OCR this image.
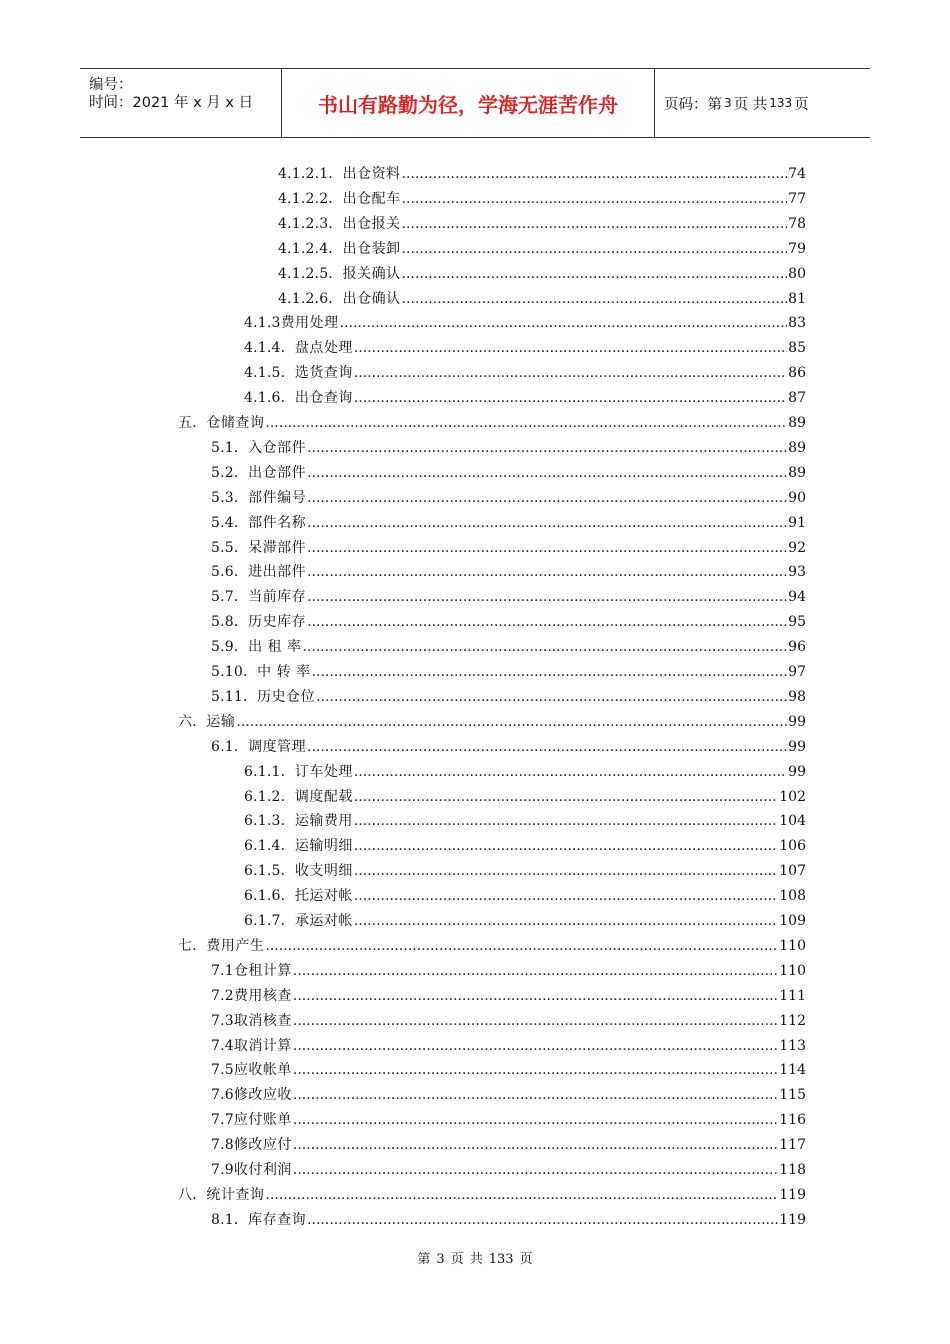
编号：
时间：2021 年 x 月 x 日	书山有路勤为径，学海无涯苦作舟	页码：第 3 页 共 133 页
4.1.2.1． 出仓资料 .....	74
4.1.2.2． 出仓配车 .....	77
4.1.2.3． 出仓报关 .....	78
4.1.2.4． 出仓装卸 .....	79
4.1.2.5． 报关确认 .....	80
4.1.2.6． 出仓确认 .....	81
4.1.3 费用处理 .....	83
4.1.4． 盘点处理 .....	85
4.1.5． 选货查询 .....	86
4.1.6． 出仓查询 .....	87
五． 仓储查询 .....	89
5.1． 入仓部件 .....	89
5.2． 出仓部件 .....	89
5.3． 部件编号 .....	90
5.4． 部件名称 .....	91
5.5． 呆滞部件 .....	92
5.6． 进出部件 .....	93
5.7． 当前库存 .....	94
5.8． 历史库存 .....	95
5.9． 出 租 率 .....	96
5.10． 中 转 率 .....	97
5.11． 历史仓位 .....	98
六． 运输 .....	99
6.1． 调度管理 .....	99
6.1.1． 订车处理 .....	99
6.1.2． 调度配载 .....	102
6.1.3． 运输费用 .....	104
6.1.4． 运输明细 .....	106
6.1.5． 收支明细 .....	107
6.1.6． 托运对帐 .....	108
6.1.7． 承运对帐 .....	109
七． 费用产生 .....	110
7.1 仓租计算 .....	110
7.2 费用核查 .....	111
7.3 取消核查 .....	112
7.4 取消计算 .....	113
7.5 应收帐单 .....	114
7.6 修改应收 .....	115
7.7 应付账单 .....	116
7.8 修改应付 .....	117
7.9 收付利润 .....	118
八． 统计查询 .....	119
8.1． 库存查询 .....	119
第 3 页 共 133 页
